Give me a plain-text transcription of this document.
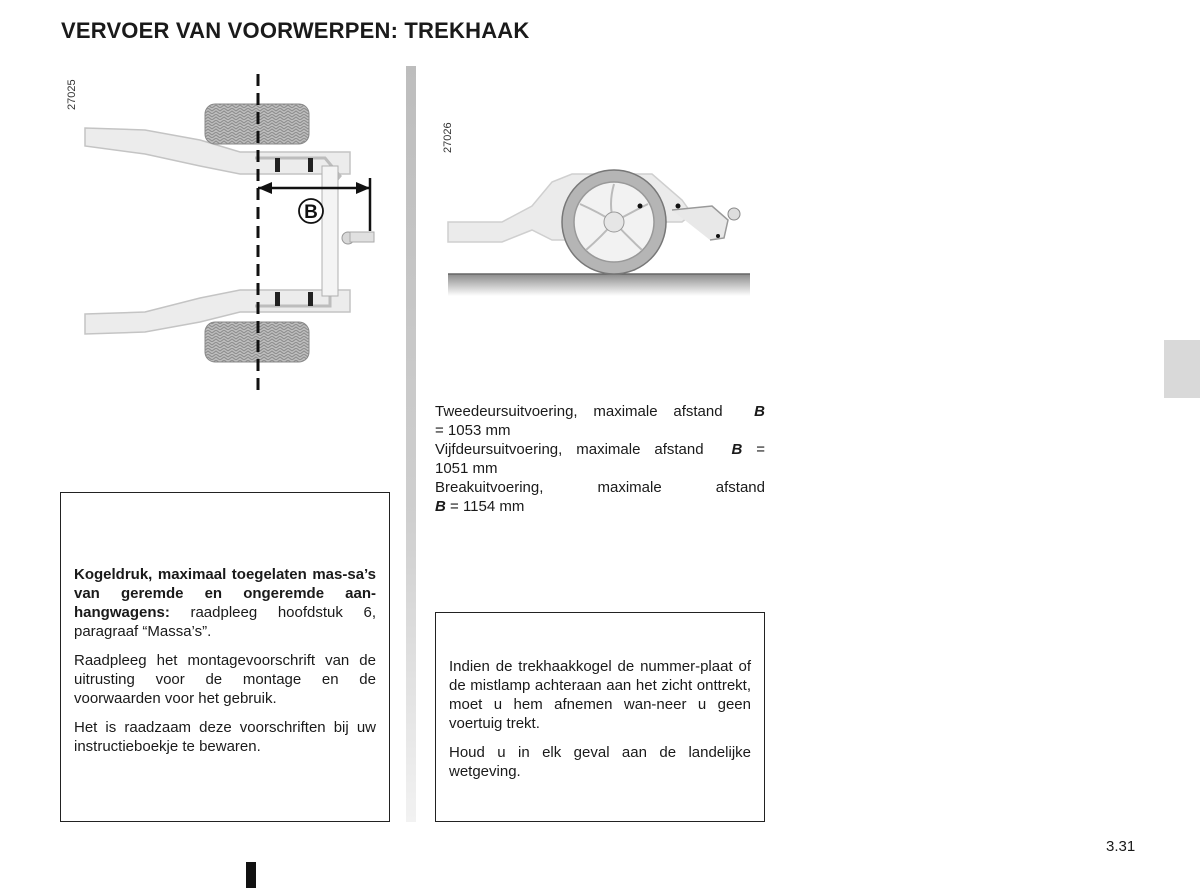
VERVOER VAN VOORWERPEN: TREKHAAK
27025
B
27026

Tweedeursuitvoering, maximale afstand B

= 1053 mm

Vijfdeursuitvoering, maximale afstand B =

1051 mm

Breakuitvoering, maximale afstand

B = 1154 mm

Kogeldruk, maximaal toegelaten mas-sa’s van geremde en ongeremde aan-hangwagens: raadpleeg hoofdstuk 6, paragraaf “Massa’s”.

Raadpleeg het montagevoorschrift van de uitrusting voor de montage en de voorwaarden voor het gebruik.

Het is raadzaam deze voorschriften bij uw instructieboekje te bewaren.

Indien de trekhaakkogel de nummer-plaat of de mistlamp achteraan aan het zicht onttrekt, moet u hem afnemen wan-neer u geen voertuig trekt.

Houd u in elk geval aan de landelijke wetgeving.

3.31
